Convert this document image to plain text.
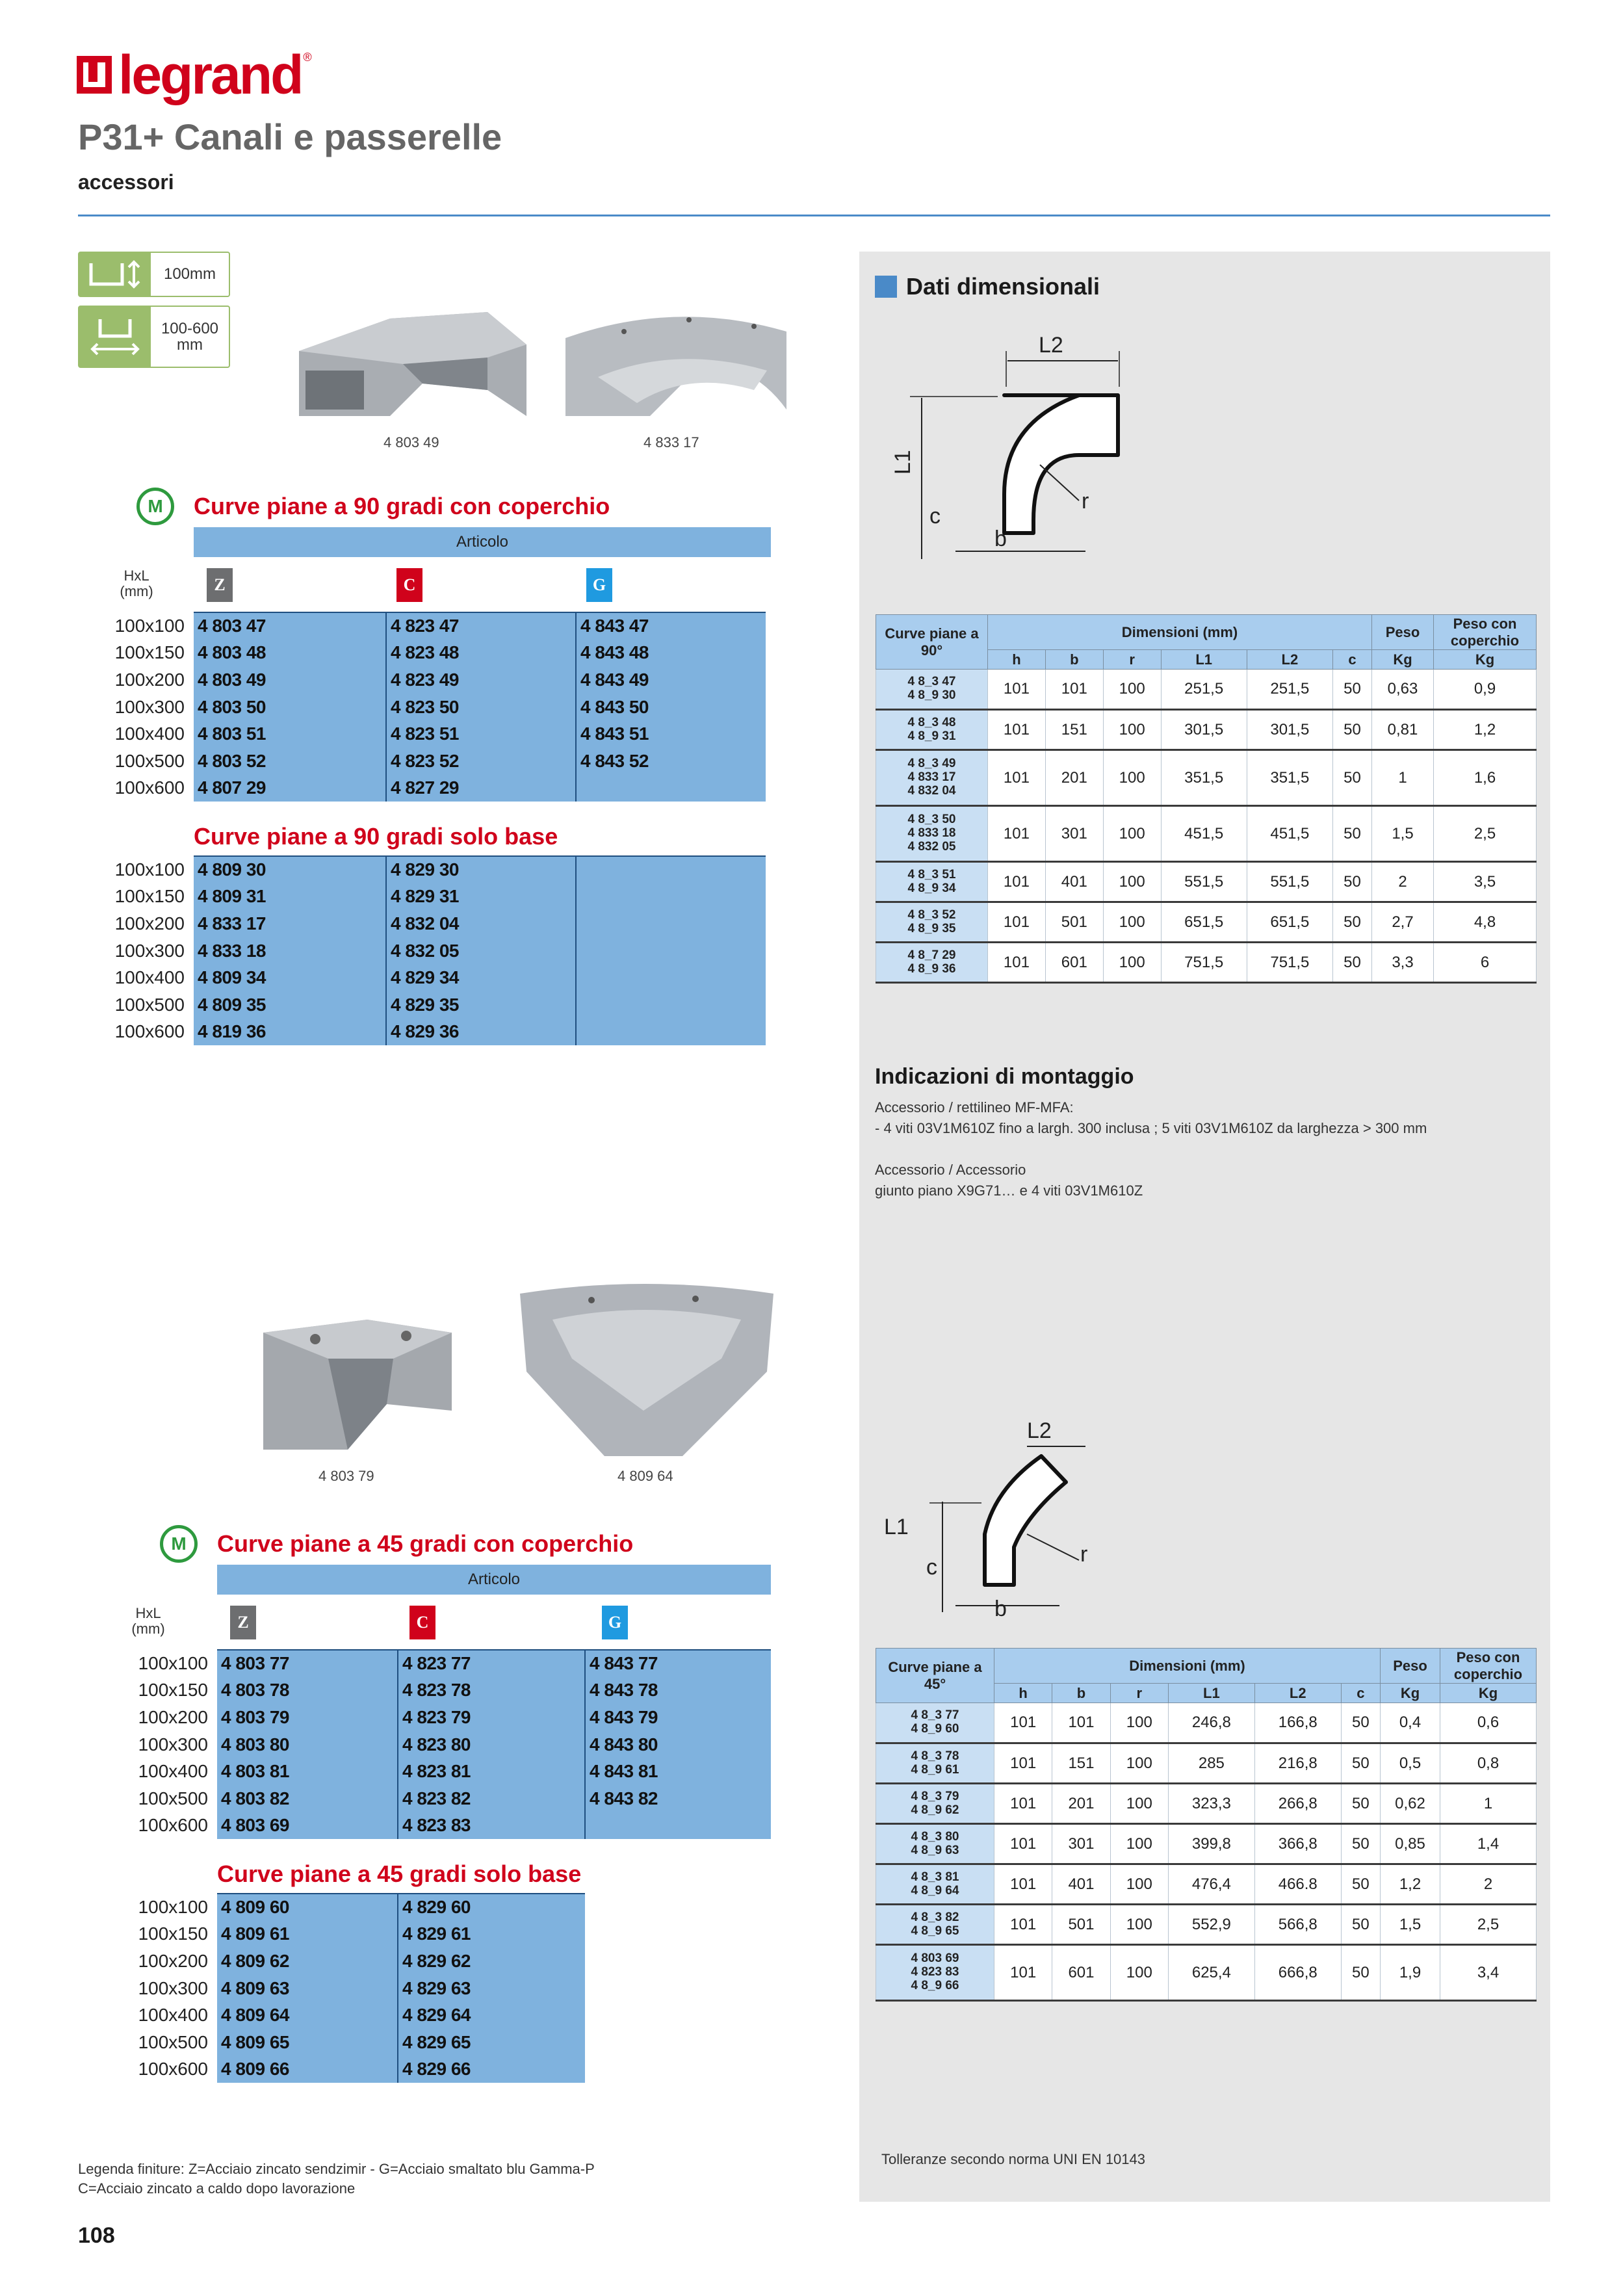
legrand ®
P31+ Canali e passerelle
accessori
100mm
100-600 mm
4 803 49	4 833 17
M	Curve piane a 90 gradi con coperchio
Articolo
HxL
(mm)	Z	C	G
100x100	4 803 47	4 823 47	4 843 47
100x150	4 803 48	4 823 48	4 843 48
100x200	4 803 49	4 823 49	4 843 49
100x300	4 803 50	4 823 50	4 843 50
100x400	4 803 51	4 823 51	4 843 51
100x500	4 803 52	4 823 52	4 843 52
100x600	4 807 29	4 827 29	
Curve piane a 90 gradi solo base
100x100	4 809 30	4 829 30	
100x150	4 809 31	4 829 31	
100x200	4 833 17	4 832 04	
100x300	4 833 18	4 832 05	
100x400	4 809 34	4 829 34	
100x500	4 809 35	4 829 35	
100x600	4 819 36	4 829 36	
4 803 79	4 809 64
M	Curve piane a 45 gradi con coperchio
Articolo
HxL
(mm)	Z	C	G
100x100	4 803 77	4 823 77	4 843 77
100x150	4 803 78	4 823 78	4 843 78
100x200	4 803 79	4 823 79	4 843 79
100x300	4 803 80	4 823 80	4 843 80
100x400	4 803 81	4 823 81	4 843 81
100x500	4 803 82	4 823 82	4 843 82
100x600	4 803 69	4 823 83	
Curve piane a 45 gradi solo base
100x100	4 809 60	4 829 60
100x150	4 809 61	4 829 61
100x200	4 809 62	4 829 62
100x300	4 809 63	4 829 63
100x400	4 809 64	4 829 64
100x500	4 809 65	4 829 65
100x600	4 809 66	4 829 66
Dati dimensionali
L2
L1
r
c
b
Curve piane a 90°	Dimensioni (mm)						Peso	Peso con coperchio
	h	b	r	L1	L2	c	Kg	Kg

4 8_3 47
4 8_9 30	101	101	100	251,5	251,5	50	0,63	0,9

4 8_3 48
4 8_9 31	101	151	100	301,5	301,5	50	0,81	1,2

4 8_3 49
4 833 17
4 832 04	101	201	100	351,5	351,5	50	1	1,6

4 8_3 50
4 833 18
4 832 05	101	301	100	451,5	451,5	50	1,5	2,5

4 8_3 51
4 8_9 34	101	401	100	551,5	551,5	50	2	3,5

4 8_3 52
4 8_9 35	101	501	100	651,5	651,5	50	2,7	4,8

4 8_7 29
4 8_9 36	101	601	100	751,5	751,5	50	3,3	6
Indicazioni di montaggio
Accessorio / rettilineo MF-MFA:
- 4 viti 03V1M610Z fino a largh. 300 inclusa ; 5 viti 03V1M610Z da larghezza > 300 mm
Accessorio / Accessorio
giunto piano X9G71… e 4 viti 03V1M610Z
L2
L1
r
c
b
Curve piane a 45°	Dimensioni (mm)						Peso	Peso con coperchio
	h	b	r	L1	L2	c	Kg	Kg

4 8_3 77
4 8_9 60	101	101	100	246,8	166,8	50	0,4	0,6

4 8_3 78
4 8_9 61	101	151	100	285	216,8	50	0,5	0,8

4 8_3 79
4 8_9 62	101	201	100	323,3	266,8	50	0,62	1

4 8_3 80
4 8_9 63	101	301	100	399,8	366,8	50	0,85	1,4

4 8_3 81
4 8_9 64	101	401	100	476,4	466.8	50	1,2	2

4 8_3 82
4 8_9 65	101	501	100	552,9	566,8	50	1,5	2,5

4 803 69
4 823 83
4 8_9 66	101	601	100	625,4	666,8	50	1,9	3,4
Tolleranze secondo norma UNI EN 10143
Legenda finiture: Z=Acciaio zincato sendzimir - G=Acciaio smaltato blu Gamma-P
C=Acciaio zincato a caldo dopo lavorazione
108
